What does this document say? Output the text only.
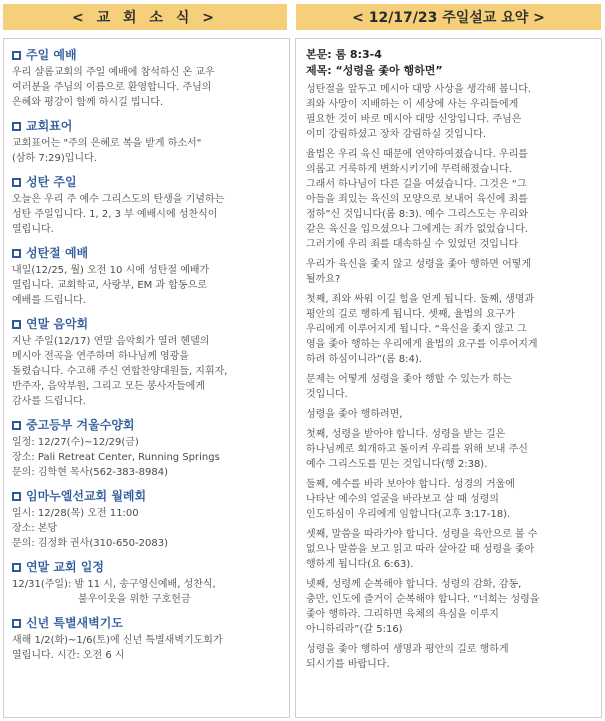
< 교 회 소 식 >	< 12/17/23 주일설교 요약 >
주일 예배
우리 샬롬교회의 주일 예배에 참석하신 온 교우
여러분을 주님의 이름으로 환영합니다. 주님의
은혜와 평강이 함께 하시길 빕니다.
교회표어
교회표어는 "주의 은혜로 복을 받게 하소서"
(삼하 7:29)입니다.
성탄 주일
오늘은 우리 주 예수 그리스도의 탄생을 기념하는
성탄 주일입니다. 1, 2, 3 부 예배시에 성찬식이
열립니다.
성탄절 예배
내일(12/25, 월) 오전 10 시에 성탄절 예배가
열립니다. 교회학교, 사랑부, EM 과 합동으로
예배를 드립니다.
연말 음악회
지난 주일(12/17) 연말 음악회가 열려 헨델의
메시아 전곡을 연주하며 하나님께 영광을
돌렸습니다. 수고해 주신 연합찬양대원들, 지휘자,
반주자, 음악부원, 그리고 모든 봉사자들에게
감사를 드립니다.
중고등부 겨울수양회
일정: 12/27(수)~12/29(금)
장소: Pali Retreat Center, Running Springs
문의: 김학현 목사(562-383-8984)
임마누엘선교회 월례회
일시: 12/28(목) 오전 11:00
장소: 본당
문의: 김정화 권사(310-650-2083)
연말 교회 일정
12/31(주일): 밤 11 시, 송구영신예배, 성찬식,
불우이웃을 위한 구호헌금
신년 특별새벽기도
새해 1/2(화)~1/6(토)에 신년 특별새벽기도회가
열립니다. 시간: 오전 6 시
본문: 롬 8:3-4
제목: “성령을 좇아 행하면”
성탄절을 앞두고 메시아 대망 사상을 생각해 봅니다.
죄와 사망이 지배하는 이 세상에 사는 우리들에게
필요한 것이 바로 메시아 대망 신앙입니다. 주님은
이미 강림하셨고 장차 강림하실 것입니다.
율법은 우리 육신 때문에 연약하여졌습니다. 우리를
의롭고 거룩하게 변화시키기에 무력해졌습니다.
그래서 하나님이 다른 길을 여셨습니다. 그것은 “그
아들을 죄있는 육신의 모양으로 보내어 육신에 죄를
정하”신 것입니다(롬 8:3). 예수 그리스도는 우리와
같은 육신을 입으셨으나 그에게는 죄가 없었습니다.
그러기에 우리 죄를 대속하실 수 있었던 것입니다
우리가 육신을 좇지 않고 성령을 좇아 행하면 어떻게
될까요?
첫째, 죄와 싸워 이길 힘을 얻게 됩니다. 둘째, 생명과
평안의 길로 행하게 됩니다. 셋째, 율법의 요구가
우리에게 이루어지게 됩니다. “육신을 좇지 않고 그
영을 좇아 행하는 우리에게 율법의 요구를 이루어지게
하려 하심이니라”(롬 8:4).
문제는 어떻게 성령을 좇아 행할 수 있는가 하는
것입니다.
성령을 좇아 행하려면,
첫째, 성령을 받아야 합니다. 성령을 받는 길은
하나님께로 회개하고 돌이켜 우리를 위해 보내 주신
예수 그리스도를 믿는 것입니다(행 2:38).
둘째, 예수를 바라 보아야 합니다. 성경의 거울에
나타난 예수의 얼굴을 바라보고 살 때 성령의
인도하심이 우리에게 임합니다(고후 3:17-18).
셋째, 말씀을 따라가야 합니다. 성령을 육안으로 볼 수
없으나 말씀을 보고 읽고 따라 살아갈 때 성령을 좇아
행하게 됩니다(요 6:63).
넷째, 성령께 순복해야 합니다. 성령의 감화, 감동,
충만, 인도에 즐거이 순복해야 합니다. “너희는 성령을
좇아 행하라. 그리하면 육체의 욕심을 이루지
아니하리라”(갈 5:16)
성령을 좇아 행하여 생명과 평안의 길로 행하게
되시기를 바랍니다.
